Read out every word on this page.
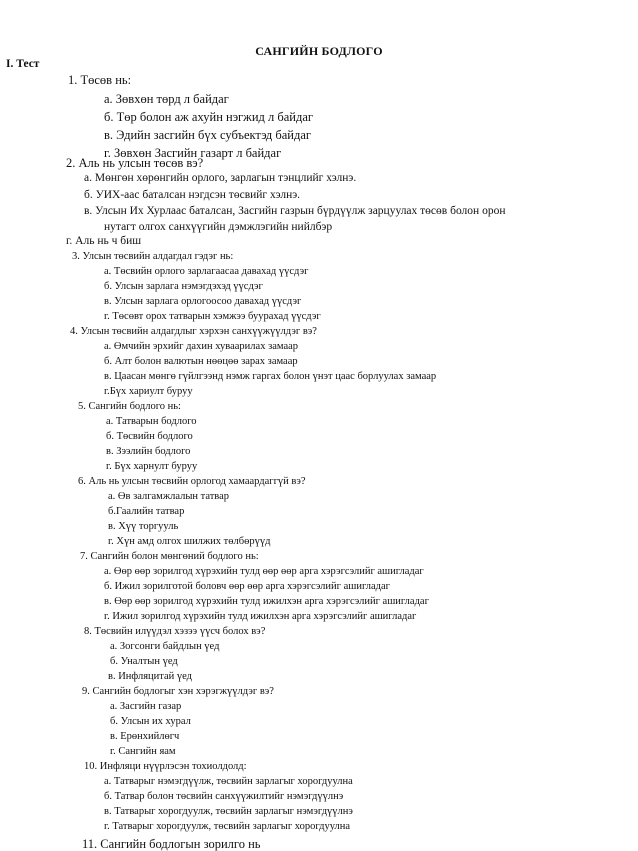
САНГИЙН БОДЛОГО
I. Тест
1. Төсөв нь:
а. Зөвхөн төрд л байдаг
б. Төр болон аж ахуйн нэгжид л байдаг
в. Эдийн засгийн бүх субъектэд байдаг
г. Зөвхөн Засгийн газарт л байдаг
2. Аль нь улсын төсөв вэ?
а. Мөнгөн хөрөнгийн орлого, зарлагын тэнцлийг хэлнэ.
б. УИХ-аас баталсан нэгдсэн төсвийг хэлнэ.
в. Улсын Их Хурлаас баталсан, Засгийн газрын бүрдүүлж зарцуулах төсөв болон орон
нутагт олгох санхүүгийн дэмжлэгийн нийлбэр
г. Аль нь ч биш
3. Улсын төсвийн алдагдал гэдэг нь:
а. Төсвийн орлого зарлагаасаа давахад үүсдэг
б. Улсын зарлага нэмэгдэхэд үүсдэг
в. Улсын зарлага орлогоосоо давахад үүсдэг
г. Төсөвт орох татварын хэмжээ буурахад үүсдэг
4. Улсын төсвийн алдагдлыг хэрхэн санхүүжүүлдэг вэ?
а. Өмчийн эрхийг дахин хуваарилах замаар
б. Алт болон валютын нөөцөө зарах замаар
в. Цаасан мөнгө гүйлгээнд нэмж гаргах болон үнэт цаас борлуулах замаар
г.Бүх хариулт буруу
5. Сангийн бодлого нь:
а. Татварын бодлого
б. Төсвийн бодлого
в. Зээлийн бодлого
г. Бүх харнулт буруу
6. Аль нь улсын төсвийн орлогод хамаардаггүй вэ?
а. Өв залгамжлалын татвар
б.Гаалийн татвар
в. Хүү торгууль
г. Хүн амд олгох шилжих төлбөрүүд
7. Сангийн болон мөнгөний бодлого нь:
а. Өөр өөр зорилгод хүрэхийн тулд өөр өөр арга хэрэгсэлийг ашигладаг
б. Ижил зорилготой боловч өөр өөр арга хэрэгсэлийг ашигладаг
в. Өөр өөр зорилгод хүрэхийн тулд ижилхэн арга хэрэгсэлийг ашигладаг
г. Ижил зорилгод хүрэхийн тулд ижилхэн арга хэрэгсэлийг ашигладаг
8. Төсвийн илүүдэл хэзээ үүсч болох вэ?
а. Зогсонги байдлын үед
б. Уналтын үед
в. Инфляцитай үед
9. Сангийн бодлогыг хэн хэрэгжүүлдэг вэ?
а. Засгийн газар
б. Улсын их хурал
в. Ерөнхийлөгч
г. Сангийн яам
10. Инфляци нүүрлэсэн тохиолдолд:
а. Татварыг нэмэгдүүлж, төсвийн зарлагыг хорогдуулна
б. Татвар болон төсвийн санхүүжилтийг нэмэгдүүлнэ
в. Татварыг хорогдуулж, төсвийн зарлагыг нэмэгдүүлнэ
г. Татварыг хорогдуулж, төсвийн зарлагыг хорогдуулна
11. Сангийн бодлогын зорилго нь
